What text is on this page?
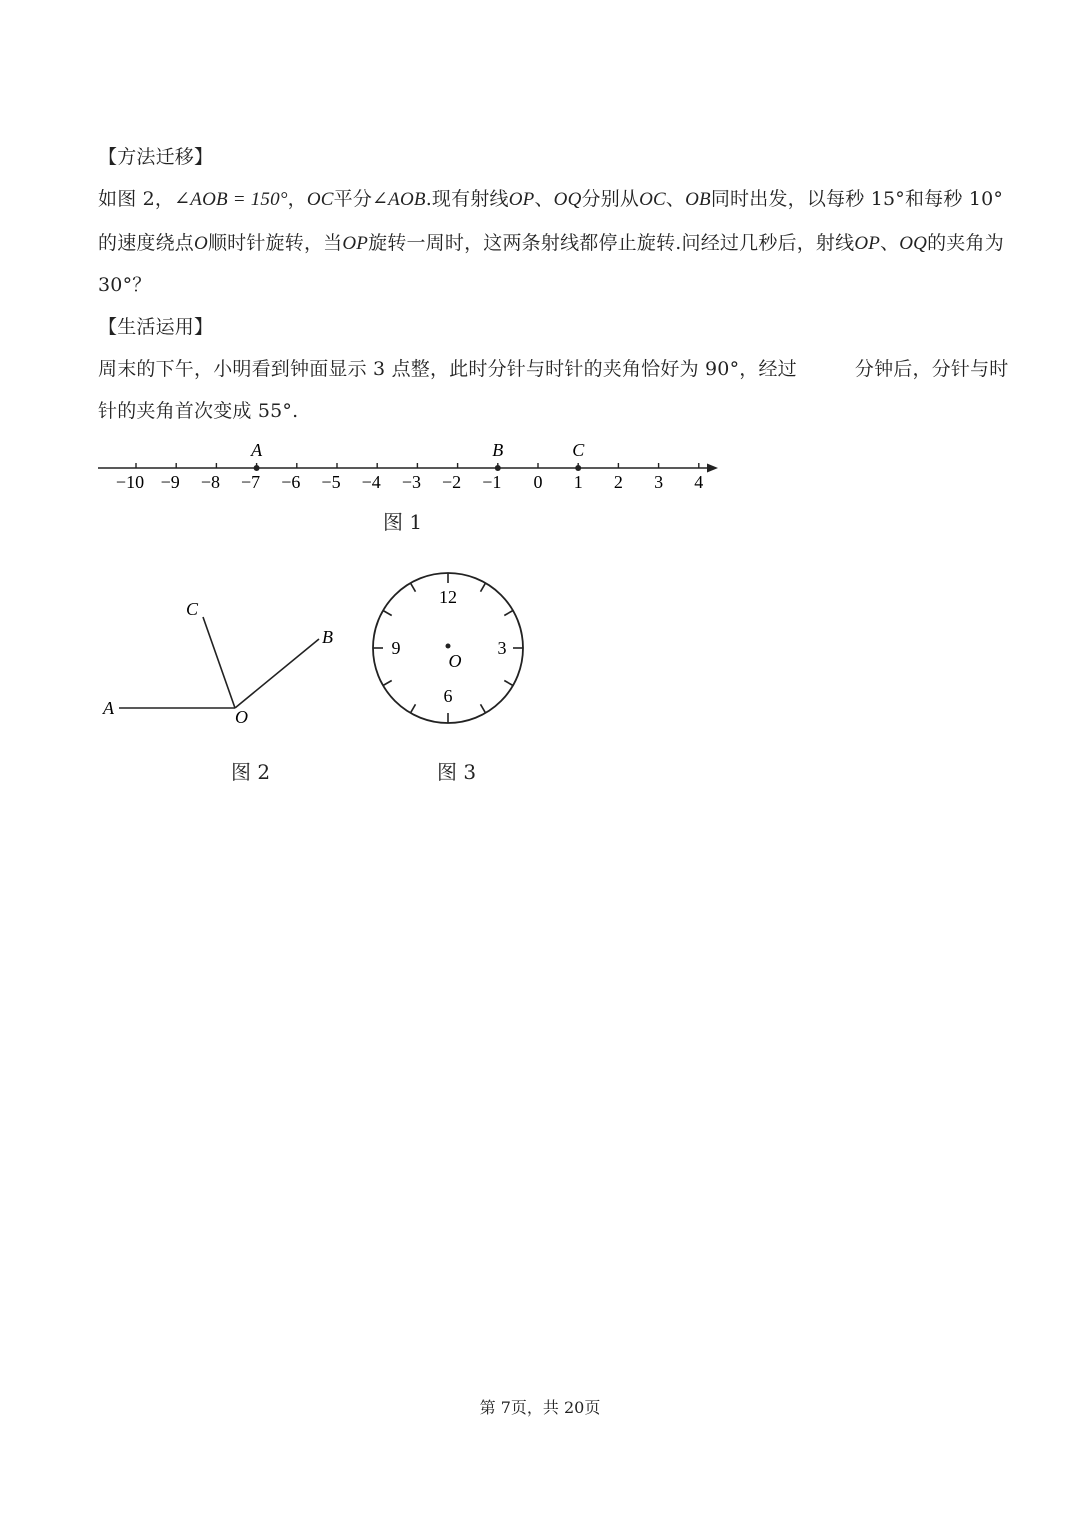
【方法迁移】
如图 2，∠AOB = 150°，OC平分∠AOB.现有射线OP、OQ分别从OC、OB同时出发，以每秒 15°和每秒 10°
的速度绕点O顺时针旋转，当OP旋转一周时，这两条射线都停止旋转.问经过几秒后，射线OP、OQ的夹角为
30°？
【生活运用】
周末的下午，小明看到钟面显示 3 点整，此时分针与时针的夹角恰好为 90°，经过	分钟后，分针与时
针的夹角首次变成 55°.
−10 −9 −8 −7 −6 −5 −4 −3 −2 −1 0 1 2 3 4
A	B	C
图 1
A	O
C
B
图 2
12
3
6
9
O
图 3
第 7页，共 20页
